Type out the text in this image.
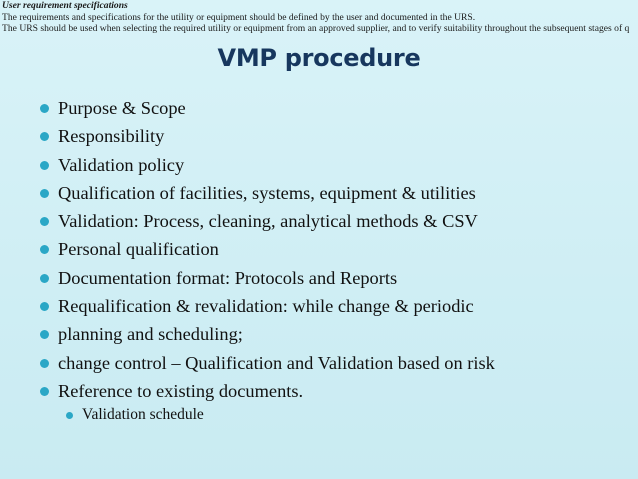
User requirement specifications
The requirements and specifications for the utility or equipment should be defined by the user and documented in the URS.
The URS should be used when selecting the required utility or equipment from an approved supplier, and to verify suitability throughout the subsequent stages of q
VMP procedure
Purpose & Scope
Responsibility
Validation policy
Qualification of facilities, systems, equipment & utilities
Validation: Process, cleaning, analytical methods & CSV
Personal qualification
Documentation format: Protocols and Reports
Requalification & revalidation: while change & periodic
planning and scheduling;
change control – Qualification and Validation based on risk
Reference to existing documents.
Validation schedule
